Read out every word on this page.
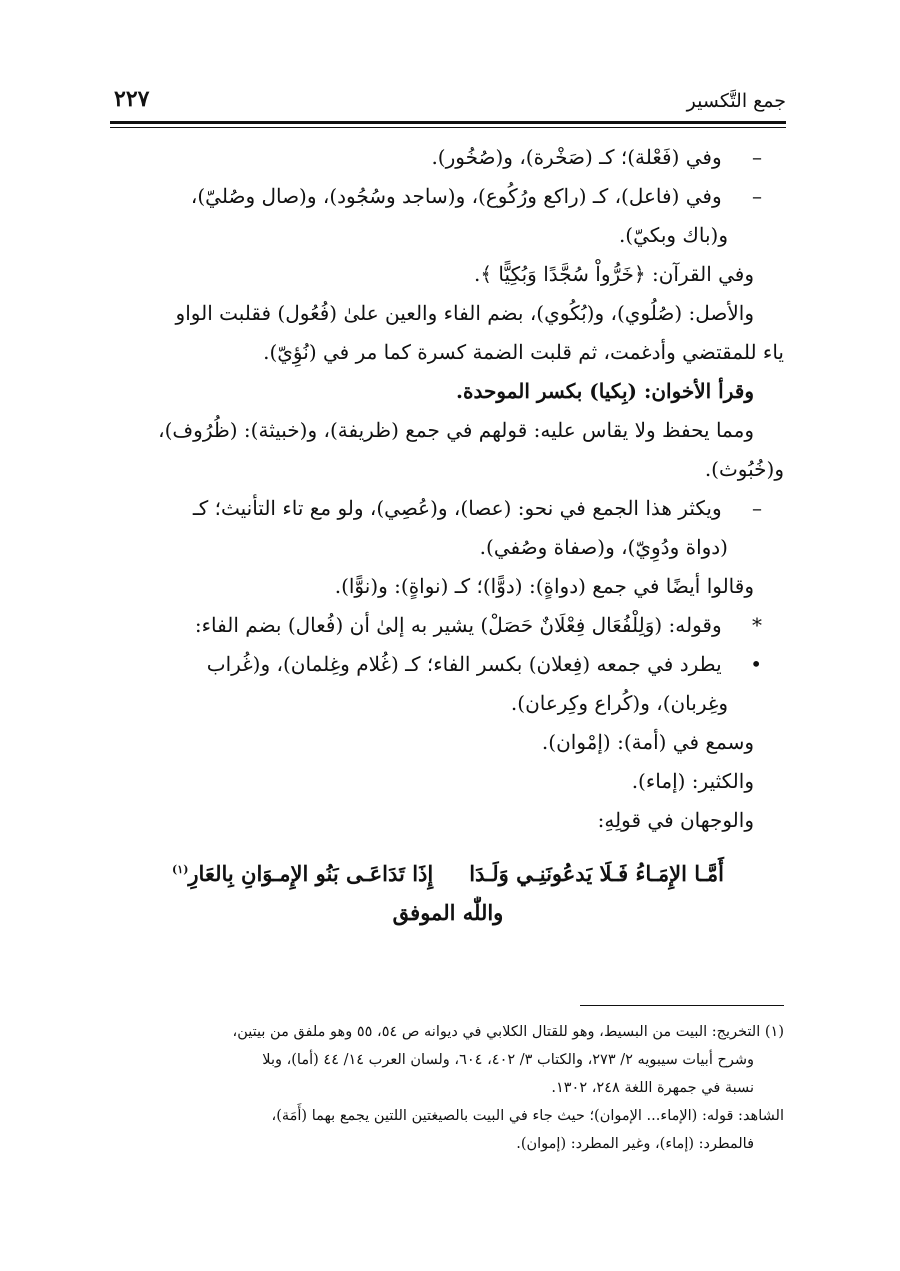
جمع التَّكسير
٢٢٧
– وفي (فَعْلة)؛ كـ (صَخْرة)، و(صُخُور).
– وفي (فاعل)، كـ (راكع ورُكُوع)، و(ساجد وسُجُود)، و(صال وصُليّ)،
و(باك وبكيّ).
وفي القرآن: ﴿خَرُّواْ سُجَّدًا وَبُكِيًّا ﴾.
والأصل: (صُلُوي)، و(بُكُوي)، بضم الفاء والعين علىٰ (فُعُول) فقلبت الواو
ياء للمقتضي وأدغمت، ثم قلبت الضمة كسرة كما مر في (نُؤِيّ).
وقرأ الأخوان: (بِكيا) بكسر الموحدة.
ومما يحفظ ولا يقاس عليه: قولهم في جمع (ظريفة)، و(خبيثة): (ظُرُوف)،
و(خُبُوث).
– ويكثر هذا الجمع في نحو: (عصا)، و(عُصِي)، ولو مع تاء التأنيث؛ كـ
(دواة ودُوِيّ)، و(صفاة وصُفي).
وقالوا أيضًا في جمع (دواةٍ): (دوًّا)؛ كـ (نواةٍ): و(نوًّا).
* وقوله: (وَلِلْفُعَال فِعْلَانٌ حَصَلْ) يشير به إلىٰ أن (فُعال) بضم الفاء:
• يطرد في جمعه (فِعلان) بكسر الفاء؛ كـ (غُلام وغِلمان)، و(غُراب
وغِربان)، و(كُراع وكِرعان).
وسمع في (أمة): (إمْوان).
والكثير: (إماء).
والوجهان في قولِهِ:
أَمَّـا الإِمَـاءُ فَـلَا يَدعُونَنِـي وَلَـدَاإِذَا تَدَاعَـى بَنُو الإِمـوَانِ بِالعَارِ$^{(١)}$
واللّٰه الموفق
(١) التخريج: البيت من البسيط، وهو للقتال الكلابي في ديوانه ص ٥٤، ٥٥ وهو ملفق من بيتين،
وشرح أبيات سيبويه ٢/ ٢٧٣، والكتاب ٣/ ٤٠٢، ٦٠٤، ولسان العرب ١٤/ ٤٤ (أما)، وبلا
نسبة في جمهرة اللغة ٢٤٨، ١٣٠٢.
الشاهد: قوله: (الإماء... الإموان)؛ حيث جاء في البيت بالصيغتين اللتين يجمع بهما (أَمَة)،
فالمطرد: (إماء)، وغير المطرد: (إموان).
